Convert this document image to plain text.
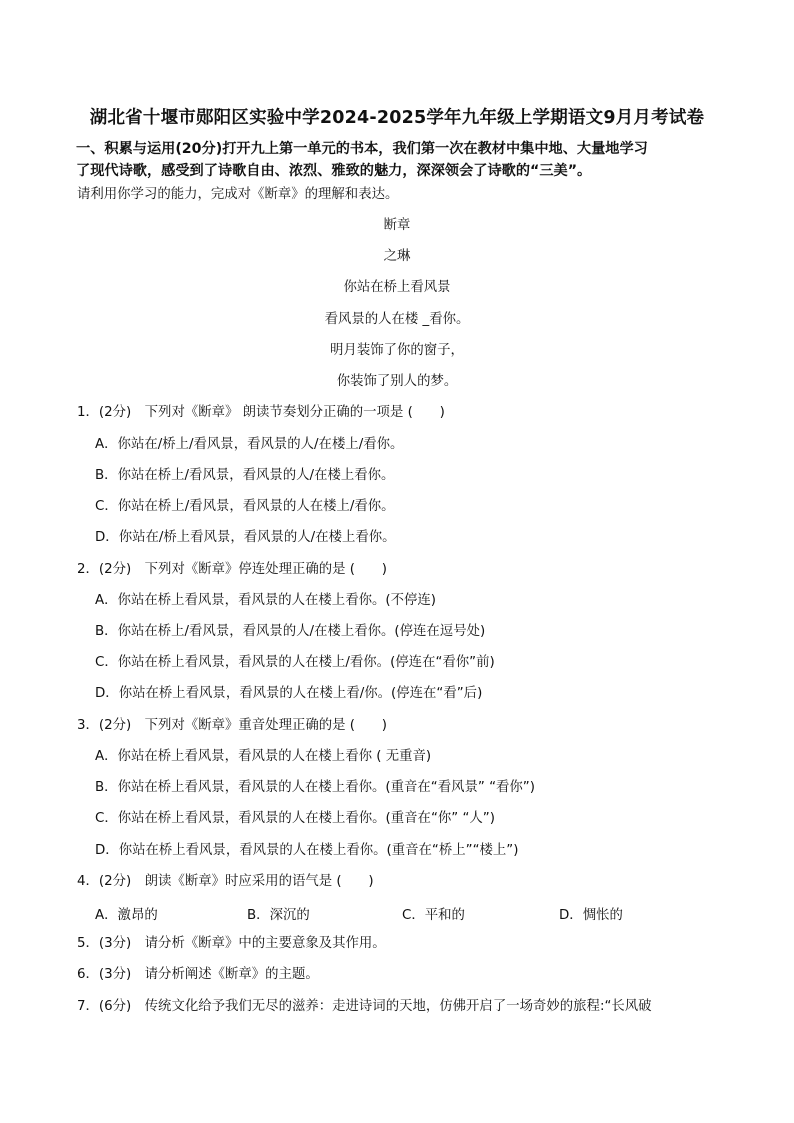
湖北省十堰市郧阳区实验中学2024-2025学年九年级上学期语文9月月考试卷
一、积累与运用(20分)打开九上第一单元的书本，我们第一次在教材中集中地、大量地学习
了现代诗歌，感受到了诗歌自由、浓烈、雅致的魅力，深深领会了诗歌的“三美”。
请利用你学习的能力，完成对《断章》的理解和表达。
断章
之琳
你站在桥上看风景
看风景的人在楼 _看你。
明月装饰了你的窗子，
你装饰了别人的梦。
1．(2分)　下列对《断章》 朗读节奏划分正确的一项是 (　　)
A．你站在/桥上/看风景，看风景的人/在楼上/看你。
B．你站在桥上/看风景，看风景的人/在楼上看你。
C．你站在桥上/看风景，看风景的人在楼上/看你。
D．你站在/桥上看风景，看风景的人/在楼上看你。
2．(2分)　下列对《断章》停连处理正确的是 (　　)
A．你站在桥上看风景，看风景的人在楼上看你。(不停连)
B．你站在桥上/看风景，看风景的人/在楼上看你。(停连在逗号处)
C．你站在桥上看风景，看风景的人在楼上/看你。(停连在“看你”前)
D．你站在桥上看风景，看风景的人在楼上看/你。(停连在“看”后)
3．(2分)　下列对《断章》重音处理正确的是 (　　)
A．你站在桥上看风景，看风景的人在楼上看你 ( 无重音)
B．你站在桥上看风景，看风景的人在楼上看你。(重音在“看风景” “看你”)
C．你站在桥上看风景，看风景的人在楼上看你。(重音在“你” “人”)
D．你站在桥上看风景，看风景的人在楼上看你。(重音在“桥上”“楼上”)
4．(2分)　朗读《断章》时应采用的语气是 (　　)
A．激昂的	B．深沉的	C．平和的	D．惆怅的
5．(3分)　请分析《断章》中的主要意象及其作用。
6．(3分)　请分析阐述《断章》的主题。
7．(6分)　传统文化给予我们无尽的滋养：走进诗词的天地，仿佛开启了一场奇妙的旅程:“长风破
